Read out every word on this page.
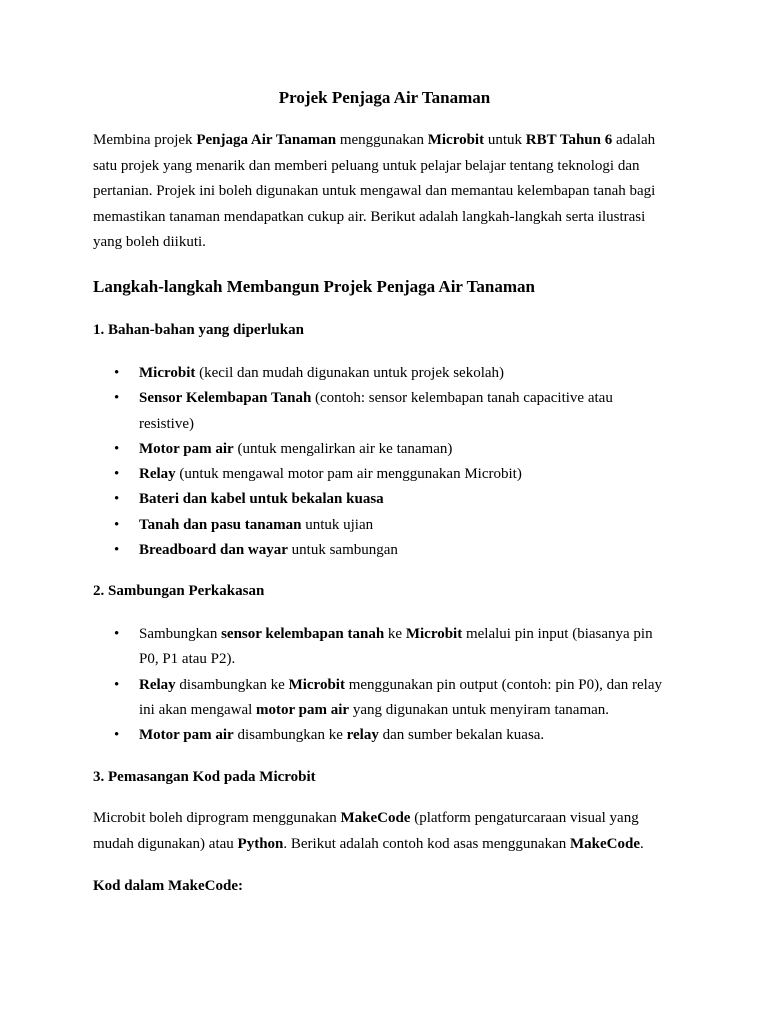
Projek Penjaga Air Tanaman

Membina projek Penjaga Air Tanaman menggunakan Microbit untuk RBT Tahun 6 adalah satu projek yang menarik dan memberi peluang untuk pelajar belajar tentang teknologi dan pertanian. Projek ini boleh digunakan untuk mengawal dan memantau kelembapan tanah bagi memastikan tanaman mendapatkan cukup air. Berikut adalah langkah-langkah serta ilustrasi yang boleh diikuti.

Langkah-langkah Membangun Projek Penjaga Air Tanaman
1. Bahan-bahan yang diperlukan
• Microbit (kecil dan mudah digunakan untuk projek sekolah)
• Sensor Kelembapan Tanah (contoh: sensor kelembapan tanah capacitive atau resistive)
• Motor pam air (untuk mengalirkan air ke tanaman)
• Relay (untuk mengawal motor pam air menggunakan Microbit)
• Bateri dan kabel untuk bekalan kuasa
• Tanah dan pasu tanaman untuk ujian
• Breadboard dan wayar untuk sambungan
2. Sambungan Perkakasan
• Sambungkan sensor kelembapan tanah ke Microbit melalui pin input (biasanya pin P0, P1 atau P2).
• Relay disambungkan ke Microbit menggunakan pin output (contoh: pin P0), dan relay ini akan mengawal motor pam air yang digunakan untuk menyiram tanaman.
• Motor pam air disambungkan ke relay dan sumber bekalan kuasa.
3. Pemasangan Kod pada Microbit

Microbit boleh diprogram menggunakan MakeCode (platform pengaturcaraan visual yang mudah digunakan) atau Python. Berikut adalah contoh kod asas menggunakan MakeCode.

Kod dalam MakeCode:
